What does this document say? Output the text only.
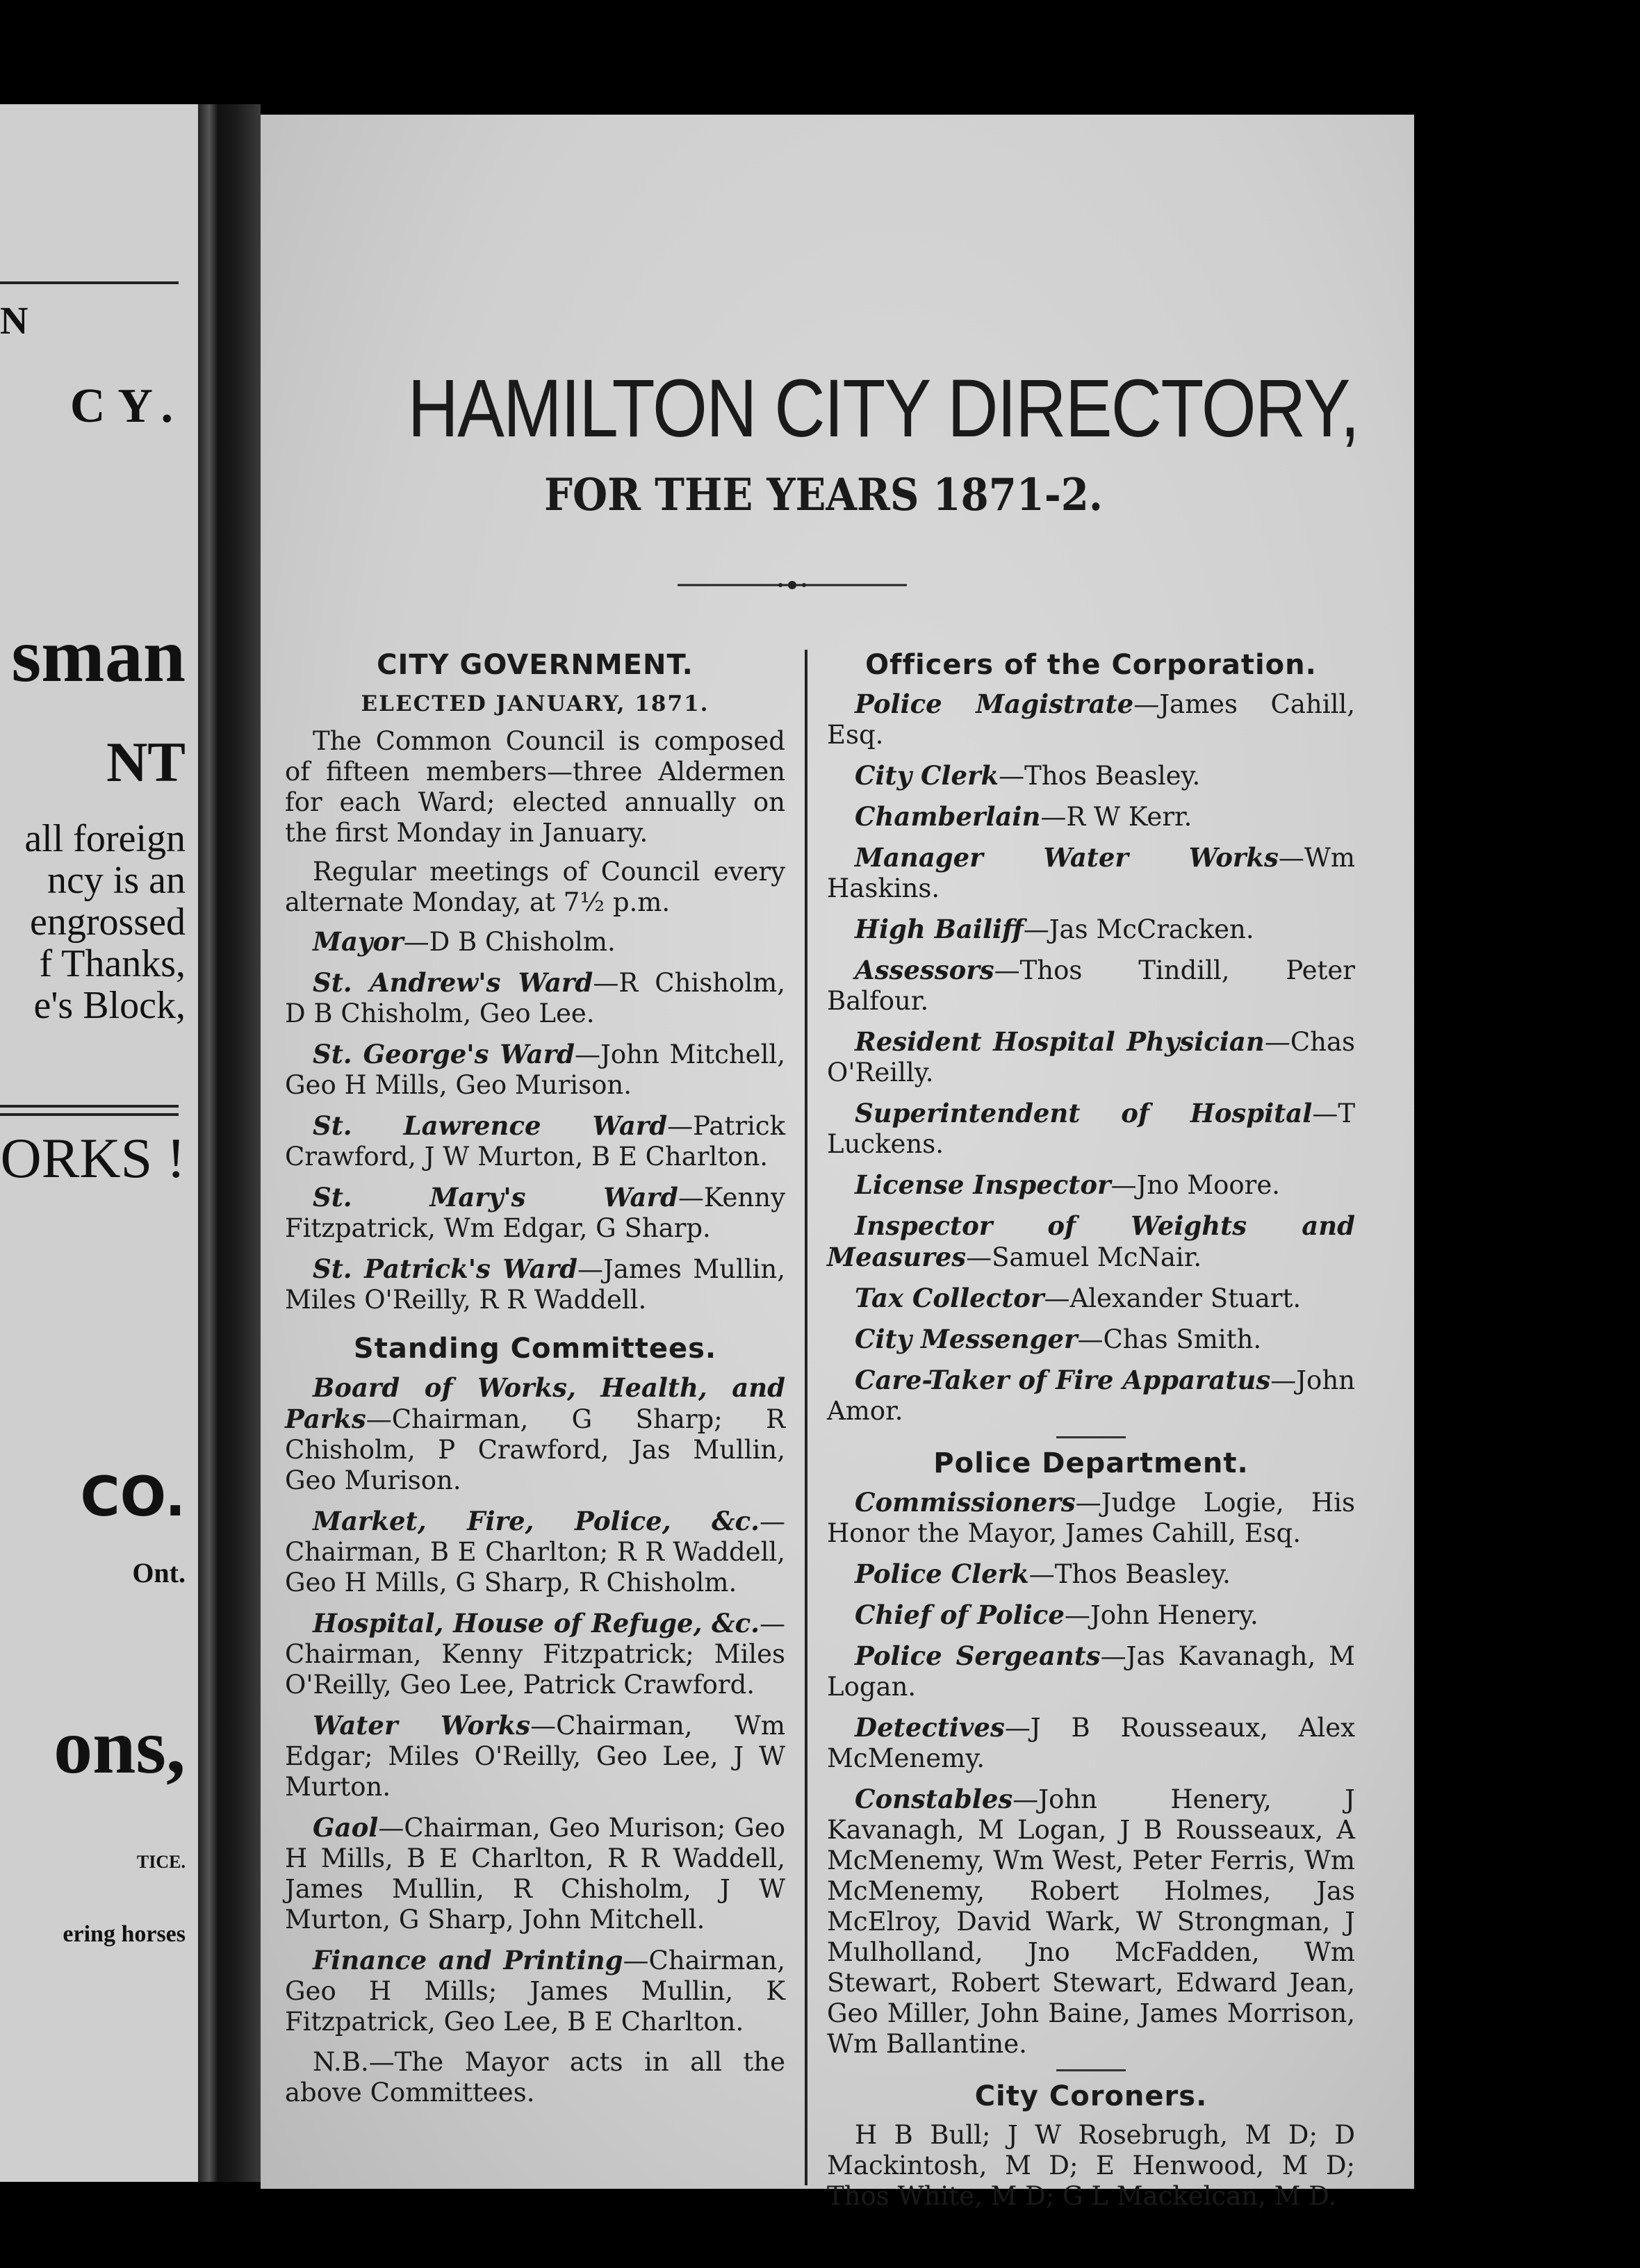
N
CY.
sman
NT
all foreign
ncy is an
engrossed
f Thanks,
e's Block,
ORKS !
CO.
Ont.
ons,
TICE.
ering horses
HAMILTON CITY DIRECTORY,
FOR THE YEARS 1871-2.
CITY GOVERNMENT.
ELECTED JANUARY, 1871.

The Common Council is composed of fifteen members—three Aldermen for each Ward; elected annually on the first Monday in January.

Regular meetings of Council every alternate Monday, at 7½ p.m.

Mayor—D B Chisholm.

St. Andrew's Ward—R Chisholm, D B Chisholm, Geo Lee.

St. George's Ward—John Mitchell, Geo H Mills, Geo Murison.

St. Lawrence Ward—Patrick Crawford, J W Murton, B E Charlton.

St. Mary's Ward—Kenny Fitzpatrick, Wm Edgar, G Sharp.

St. Patrick's Ward—James Mullin, Miles O'Reilly, R R Waddell.

Standing Committees.

Board of Works, Health, and Parks—Chairman, G Sharp; R Chisholm, P Crawford, Jas Mullin, Geo Murison.

Market, Fire, Police, &c.—Chairman, B E Charlton; R R Waddell, Geo H Mills, G Sharp, R Chisholm.

Hospital, House of Refuge, &c.—Chairman, Kenny Fitzpatrick; Miles O'Reilly, Geo Lee, Patrick Crawford.

Water Works—Chairman, Wm Edgar; Miles O'Reilly, Geo Lee, J W Murton.

Gaol—Chairman, Geo Murison; Geo H Mills, B E Charlton, R R Waddell, James Mullin, R Chisholm, J W Murton, G Sharp, John Mitchell.

Finance and Printing—Chairman, Geo H Mills; James Mullin, K Fitzpatrick, Geo Lee, B E Charlton.

N.B.—The Mayor acts in all the above Committees.

Officers of the Corporation.

Police Magistrate—James Cahill, Esq.

City Clerk—Thos Beasley.

Chamberlain—R W Kerr.

Manager Water Works—Wm Haskins.

High Bailiff—Jas McCracken.

Assessors—Thos Tindill, Peter Balfour.

Resident Hospital Physician—Chas O'Reilly.

Superintendent of Hospital—T Luckens.

License Inspector—Jno Moore.

Inspector of Weights and Measures—Samuel McNair.

Tax Collector—Alexander Stuart.

City Messenger—Chas Smith.

Care-Taker of Fire Apparatus—John Amor.

Police Department.

Commissioners—Judge Logie, His Honor the Mayor, James Cahill, Esq.

Police Clerk—Thos Beasley.

Chief of Police—John Henery.

Police Sergeants—Jas Kavanagh, M Logan.

Detectives—J B Rousseaux, Alex McMenemy.

Constables—John Henery, J Kavanagh, M Logan, J B Rousseaux, A McMenemy, Wm West, Peter Ferris, Wm McMenemy, Robert Holmes, Jas McElroy, David Wark, W Strongman, J Mulholland, Jno McFadden, Wm Stewart, Robert Stewart, Edward Jean, Geo Miller, John Baine, James Morrison, Wm Ballantine.

City Coroners.

H B Bull; J W Rosebrugh, M D; D Mackintosh, M D; E Henwood, M D; Thos White, M D; G L Mackelcan, M D.
